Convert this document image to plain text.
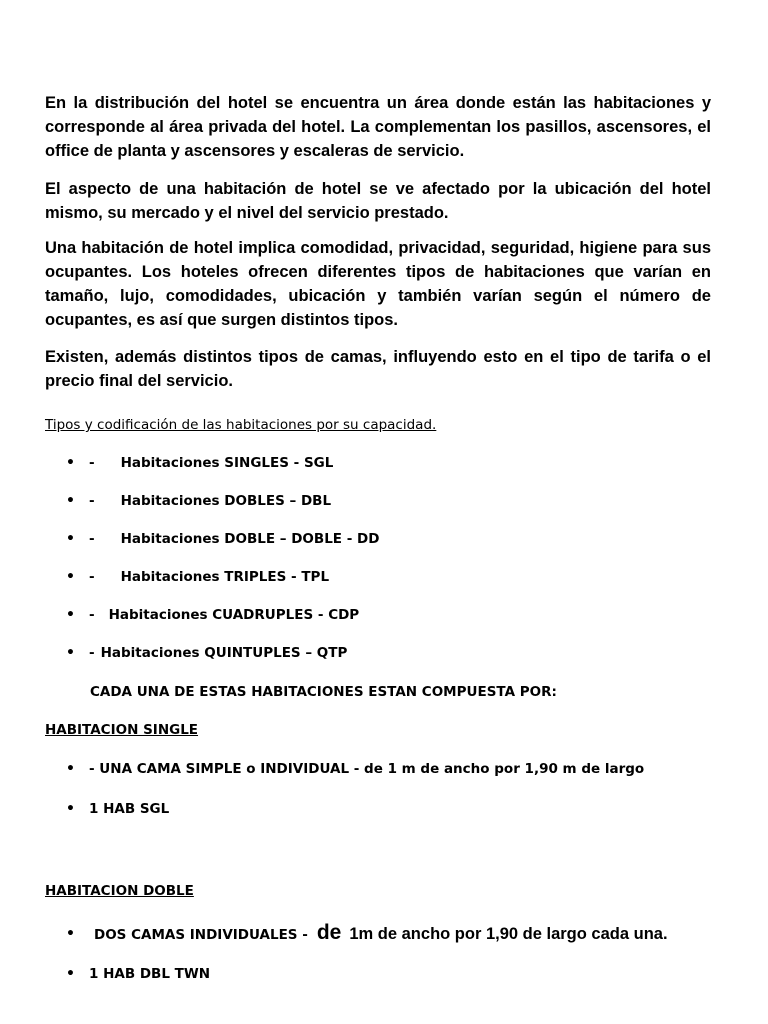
En la distribución del hotel se encuentra un área donde están las habitaciones y corresponde al área privada del hotel. La complementan los pasillos, ascensores, el office de planta y ascensores y escaleras de servicio.

El aspecto de una habitación de hotel se ve afectado por la ubicación del hotel mismo, su mercado y el nivel del servicio prestado.

Una habitación de hotel implica comodidad, privacidad, seguridad, higiene para sus ocupantes. Los hoteles ofrecen diferentes tipos de habitaciones que varían en tamaño, lujo, comodidades, ubicación y también varían según el número de ocupantes, es así que surgen distintos tipos.

Existen, además distintos tipos de camas, influyendo esto en el tipo de tarifa o el precio final del servicio.

Tipos y codificación de las habitaciones por su capacidad.

• - Habitaciones SINGLES - SGL
• - Habitaciones DOBLES – DBL
• - Habitaciones DOBLE – DOBLE - DD
• - Habitaciones TRIPLES - TPL
• - Habitaciones CUADRUPLES - CDP
• - Habitaciones QUINTUPLES – QTP

CADA UNA DE ESTAS HABITACIONES ESTAN COMPUESTA POR:

HABITACION SINGLE

• - UNA CAMA SIMPLE o INDIVIDUAL - de 1 m de ancho por 1,90 m de largo
• 1 HAB SGL

HABITACION DOBLE

• DOS CAMAS INDIVIDUALES - de 1m de ancho por 1,90 de largo cada una.
• 1 HAB DBL TWN
